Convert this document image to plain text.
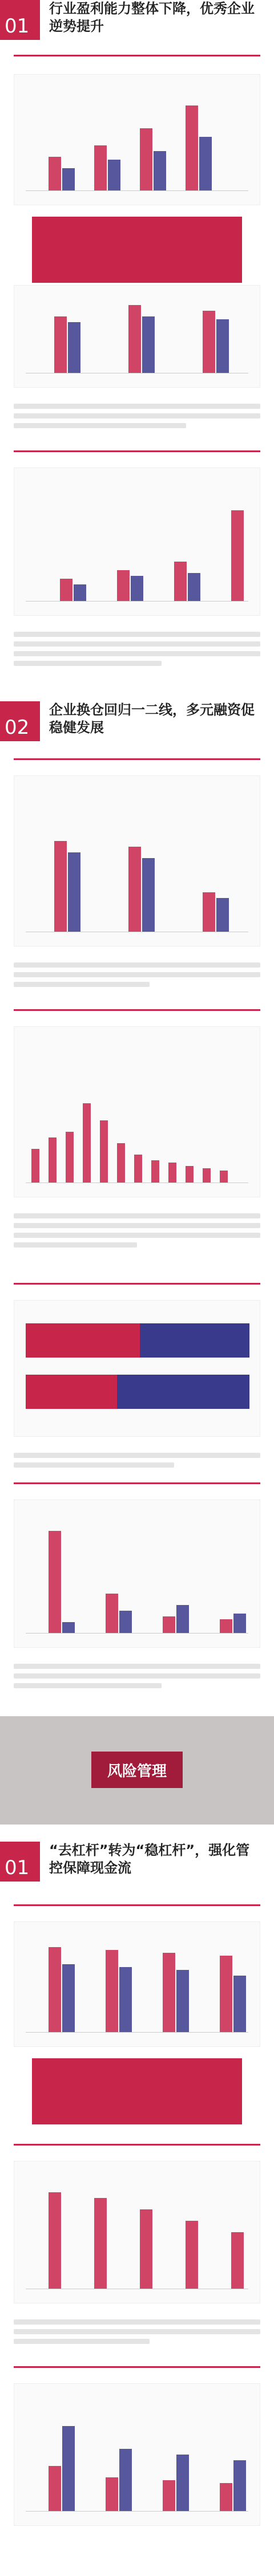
01
行业盈利能力整体下降，优秀企业逆势提升
02
企业换仓回归一二线，多元融资促稳健发展
风险管理
01
“去杠杆”转为“稳杠杆”，强化管控保障现金流
